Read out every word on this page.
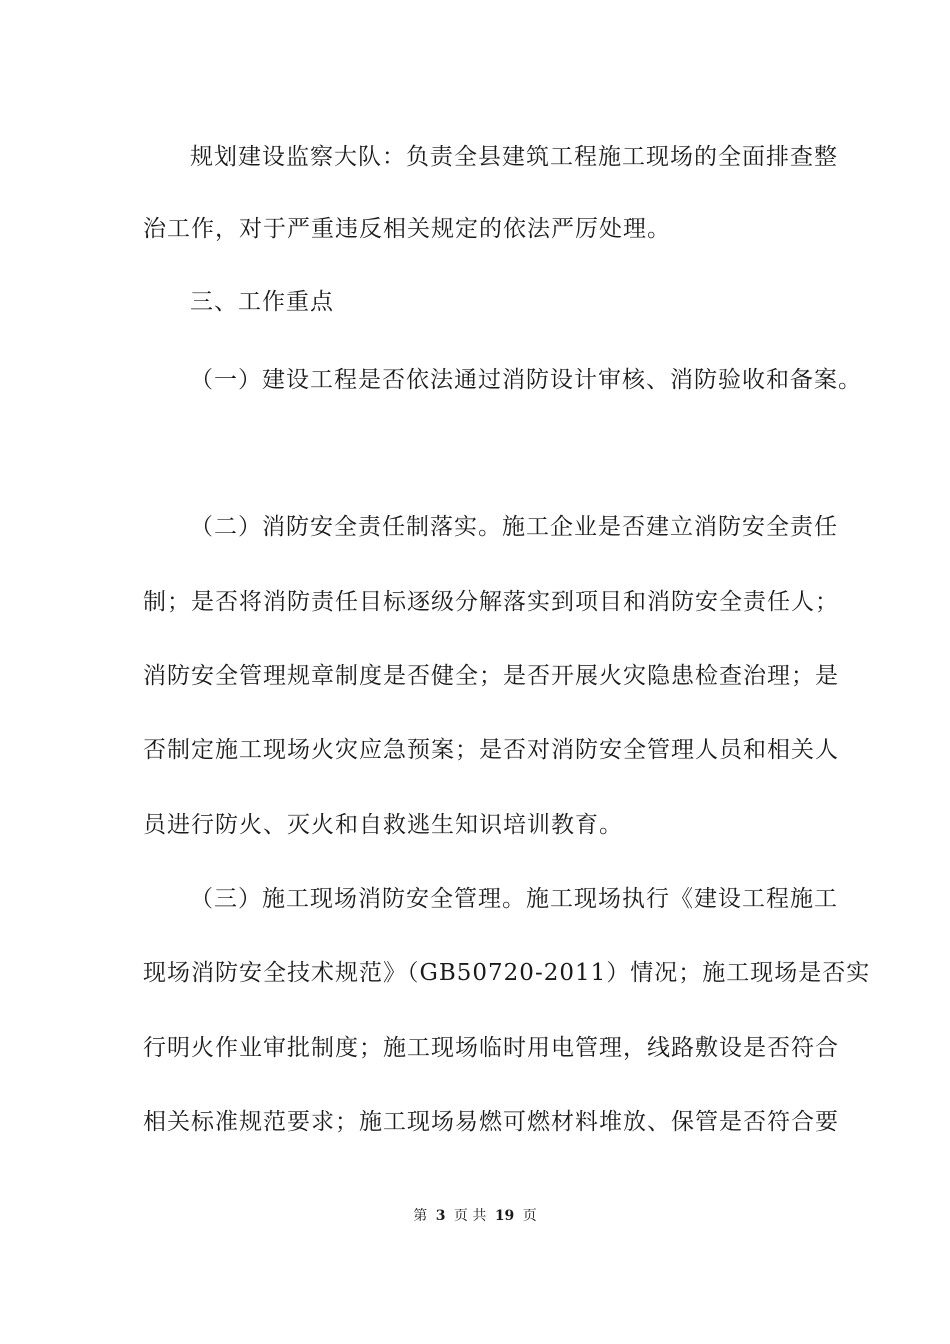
规划建设监察大队：负责全县建筑工程施工现场的全面排查整
治工作，对于严重违反相关规定的依法严厉处理。
三、工作重点
（一）建设工程是否依法通过消防设计审核、消防验收和备案。
（二）消防安全责任制落实。施工企业是否建立消防安全责任
制；是否将消防责任目标逐级分解落实到项目和消防安全责任人；
消防安全管理规章制度是否健全；是否开展火灾隐患检查治理；是
否制定施工现场火灾应急预案；是否对消防安全管理人员和相关人
员进行防火、灭火和自救逃生知识培训教育。
（三）施工现场消防安全管理。施工现场执行《建设工程施工
现场消防安全技术规范》（GB50720-2011）情况；施工现场是否实
行明火作业审批制度；施工现场临时用电管理，线路敷设是否符合
相关标准规范要求；施工现场易燃可燃材料堆放、保管是否符合要
第 3 页 共 19 页
